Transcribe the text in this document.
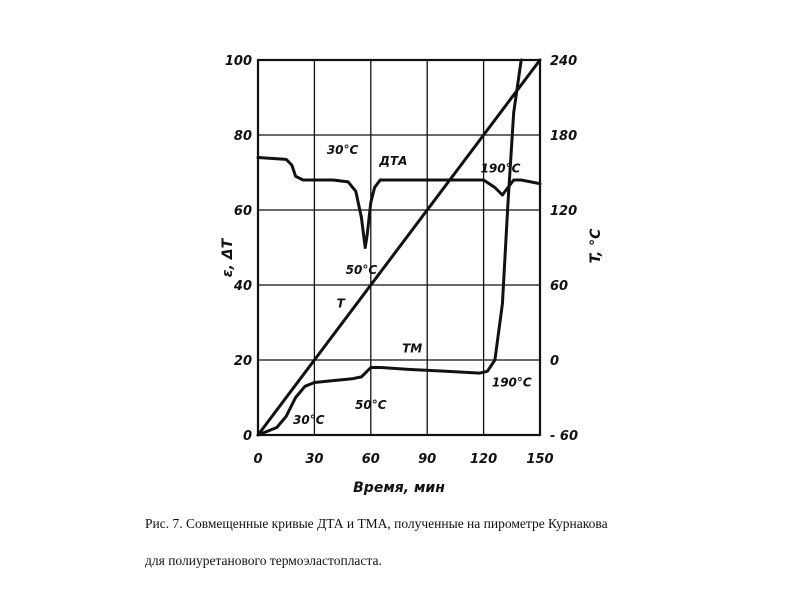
0	30	60	90	120 150
0
20
40
60
80
100
- 60
0
60
120
180
240
30°C
ДТА
190°C
50°C
T
ТМ
190°C
30°C
50°C
Время, мин
ε, ΔT	T, °C
Рис. 7. Совмещенные кривые ДТА и ТМА, полученные на пирометре Курнакова
для полиуретанового термоэластопласта.
